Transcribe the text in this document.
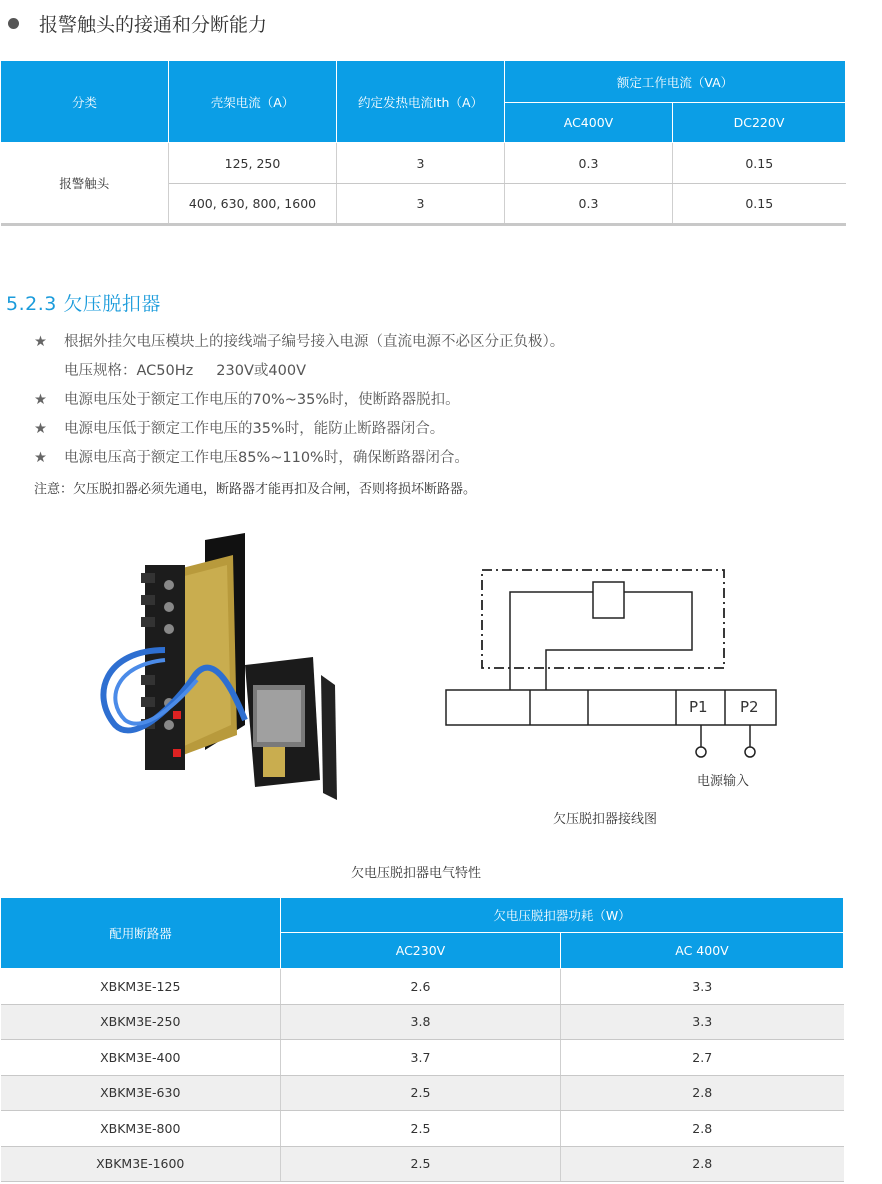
报警触头的接通和分断能力
分类	壳架电流（A）	约定发热电流Ith（A）	额定工作电流（VA）	
			AC400V	DC220V
报警触头	125, 250	3	0.3	0.15
	400, 630, 800, 1600	3	0.3	0.15
5.2.3 欠压脱扣器
★	根据外挂欠电压模块上的接线端子编号接入电源（直流电源不必区分正负极）。
电压规格：AC50Hz     230V或400V
★	电源电压处于额定工作电压的70%~35%时，使断路器脱扣。
★	电源电压低于额定工作电压的35%时，能防止断路器闭合。
★	电源电压高于额定工作电压85%~110%时，确保断路器闭合。
注意：欠压脱扣器必须先通电，断路器才能再扣及合闸，否则将损坏断路器。
P1 P2
电源输入
欠压脱扣器接线图
欠电压脱扣器电气特性
配用断路器	欠电压脱扣器功耗（W）	
	AC230V	AC 400V
XBKM3E-125	2.6	3.3
XBKM3E-250	3.8	3.3
XBKM3E-400	3.7	2.7
XBKM3E-630	2.5	2.8
XBKM3E-800	2.5	2.8
XBKM3E-1600	2.5	2.8
